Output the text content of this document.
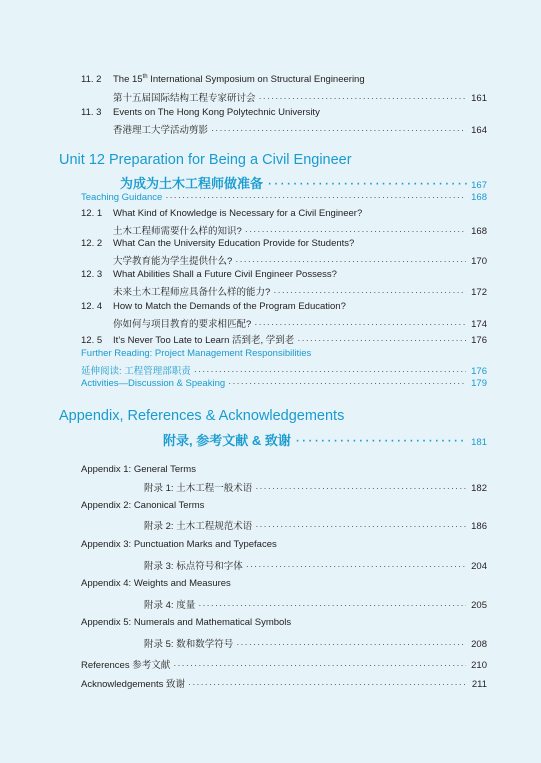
11. 2 The 15th International Symposium on Structural Engineering
第十五届国际结构工程专家研讨会 ·····	161
11. 3 Events on The Hong Kong Polytechnic University
香港理工大学活动剪影 ·····	164
Unit 12 Preparation for Being a Civil Engineer
为成为土木工程师做准备 ·····	167
Teaching Guidance ·····	168
12. 1 What Kind of Knowledge is Necessary for a Civil Engineer?
土木工程师需要什么样的知识? ·····	168
12. 2 What Can the University Education Provide for Students?
大学教育能为学生提供什么? ·····	170
12. 3 What Abilities Shall a Future Civil Engineer Possess?
未来土木工程师应具备什么样的能力? ·····	172
12. 4 How to Match the Demands of the Program Education?
你如何与项目教育的要求相匹配? ·····	174
12. 5	It’s Never Too Late to Learn 活到老, 学到老 ·····	176
Further Reading: Project Management Responsibilities
延伸阅读: 工程管理部职责 ·····	176
Activities—Discussion & Speaking ·····	179
Appendix, References & Acknowledgements
附录, 参考文献 & 致谢 ·····	181
Appendix 1: General Terms
附录 1: 土木工程一般术语 ·····	182
Appendix 2: Canonical Terms
附录 2: 土木工程规范术语 ·····	186
Appendix 3: Punctuation Marks and Typefaces
附录 3: 标点符号和字体 ·····	204
Appendix 4: Weights and Measures
附录 4: 度量 ·····	205
Appendix 5: Numerals and Mathematical Symbols
附录 5: 数和数学符号 ·····	208
References 参考文献 ·····	210
Acknowledgements 致谢 ·····	211
